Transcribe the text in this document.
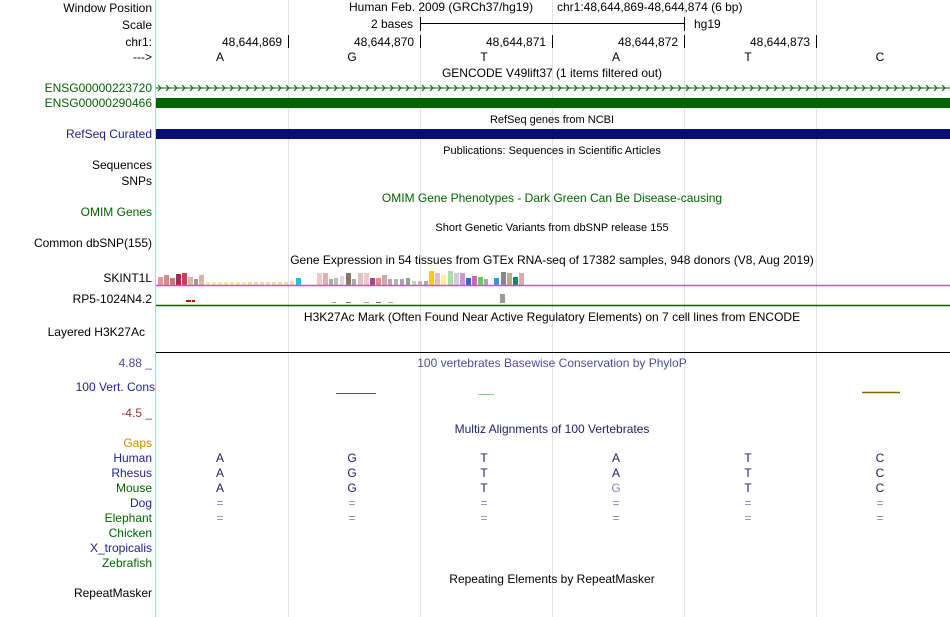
Window Position	Human Feb. 2009 (GRCh37/hg19) chr1:48,644,869-48,644,874 (6 bp)
Scale	2 bases	hg19
chr1:	48,644,869	48,644,870	48,644,871	48,644,872	48,644,873
--->	A	G	T	A	T	C
GENCODE V49lift37 (1 items filtered out)
ENSG00000223720
ENSG00000290466
RefSeq genes from NCBI
RefSeq Curated
Publications: Sequences in Scientific Articles
Sequences
SNPs
OMIM Gene Phenotypes - Dark Green Can Be Disease-causing
OMIM Genes
Short Genetic Variants from dbSNP release 155
Common dbSNP(155)
Gene Expression in 54 tissues from GTEx RNA-seq of 17382 samples, 948 donors (V8, Aug 2019)
SKINT1L
RP5-1024N4.2
H3K27Ac Mark (Often Found Near Active Regulatory Elements) on 7 cell lines from ENCODE
Layered H3K27Ac
100 vertebrates Basewise Conservation by PhyloP
4.88 _
100 Vert. Cons
-4.5 _
Multiz Alignments of 100 Vertebrates
Gaps
Human	A	G	T	A	T	C
Rhesus	A	G	T	A	T	C
Mouse	A	G	T	G	T	C
Dog	=	=	=	=	=	=
Elephant	=	=	=	=	=	=
Chicken
X_tropicalis
Zebrafish
Repeating Elements by RepeatMasker
RepeatMasker
